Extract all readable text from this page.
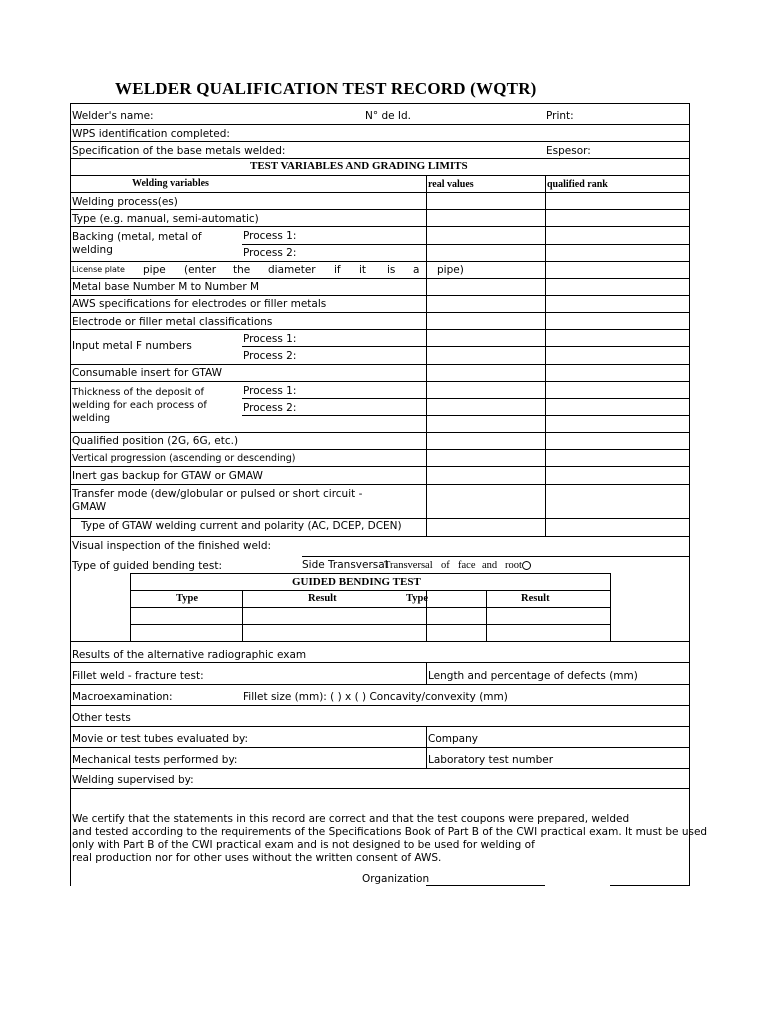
WELDER QUALIFICATION TEST RECORD (WQTR)
Welder's name:	N° de Id.	Print:
WPS identification completed:
Specification of the base metals welded:	Espesor:
TEST VARIABLES AND GRADING LIMITS
Welding variables	real values	qualified rank
Welding process(es)
Type (e.g. manual, semi-automatic)
Backing (metal, metal of
welding
Process 1:
Process 2:
License plate pipe (enter the diameter if it is a pipe)
Metal base Number M to Number M
AWS specifications for electrodes or filler metals
Electrode or filler metal classifications
Input metal F numbers
Process 1:
Process 2:
Consumable insert for GTAW
Thickness of the deposit of
welding for each process of
welding
Process 1:
Process 2:
Qualified position (2G, 6G, etc.)
Vertical progression (ascending or descending)
Inert gas backup for GTAW or GMAW
Transfer mode (dew/globular or pulsed or short circuit -
GMAW
Type of GTAW welding current and polarity (AC, DCEP, DCEN)
Visual inspection of the finished weld:
Type of guided bending test:	Side Transversal
Transversal of face and root
GUIDED BENDING TEST
Type	Result	Type	Result
Results of the alternative radiographic exam
Fillet weld - fracture test:	Length and percentage of defects (mm)
Macroexamination:	Fillet size (mm): ( ) x ( ) Concavity/convexity (mm)
Other tests
Movie or test tubes evaluated by:	Company
Mechanical tests performed by:	Laboratory test number
Welding supervised by:
We certify that the statements in this record are correct and that the test coupons were prepared, welded
and tested according to the requirements of the Specifications Book of Part B of the CWI practical exam. It must be used
only with Part B of the CWI practical exam and is not designed to be used for welding of
real production nor for other uses without the written consent of AWS.
Organization
